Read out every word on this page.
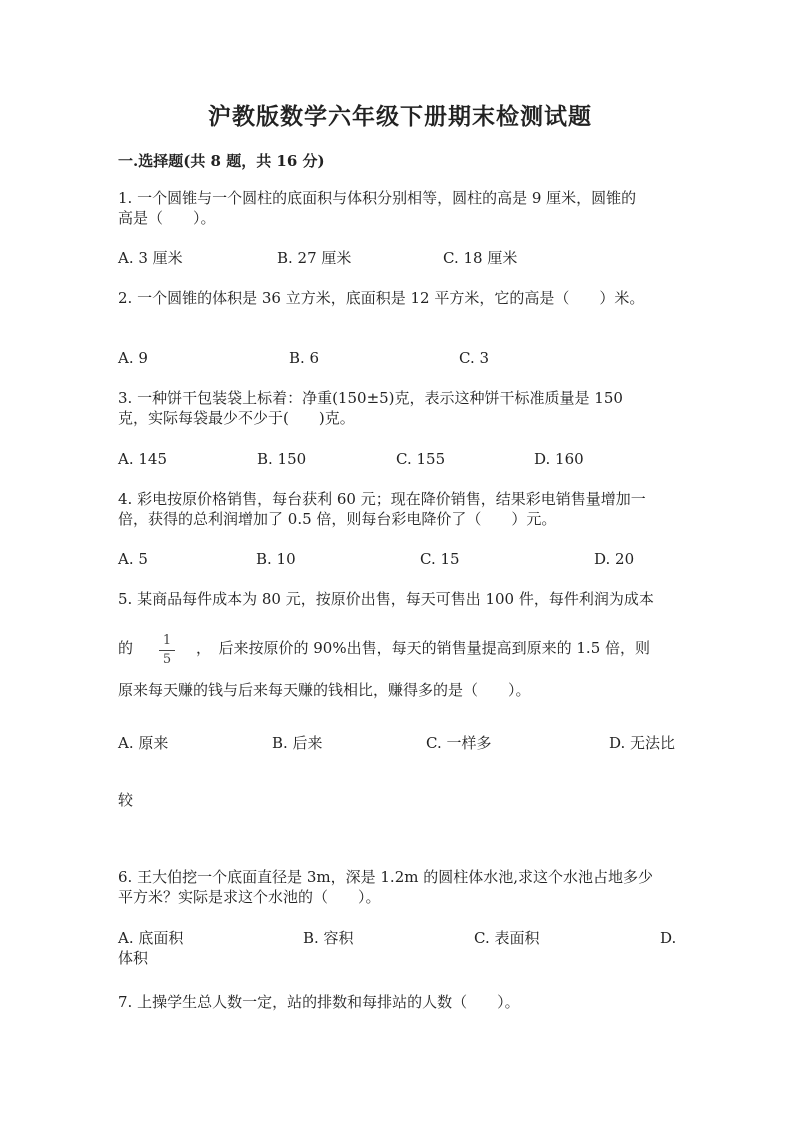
沪教版数学六年级下册期末检测试题
一.选择题(共 8 题，共 16 分)
1. 一个圆锥与一个圆柱的底面积与体积分别相等，圆柱的高是 9 厘米，圆锥的
高是（　　）。
A. 3 厘米	B. 27 厘米	C. 18 厘米
2. 一个圆锥的体积是 36 立方米，底面积是 12 平方米，它的高是（　　）米。
A. 9	B. 6	C. 3
3. 一种饼干包装袋上标着：净重(150±5)克，表示这种饼干标准质量是 150
克，实际每袋最少不少于(　　)克。
A. 145	B. 150	C. 155	D. 160
4. 彩电按原价格销售，每台获利 60 元；现在降价销售，结果彩电销售量增加一
倍，获得的总利润增加了 0.5 倍，则每台彩电降价了（　　）元。
A. 5	B. 10	C. 15	D. 20
5. 某商品每件成本为 80 元，按原价出售，每天可售出 100 件，每件利润为成本
的	1
5
，　后来按原价的 90%出售，每天的销售量提高到原来的 1.5 倍，则
原来每天赚的钱与后来每天赚的钱相比，赚得多的是（　　）。
A. 原来	B. 后来	C. 一样多	D. 无法比
较
6. 王大伯挖一个底面直径是 3m，深是 1.2m 的圆柱体水池,求这个水池占地多少
平方米？实际是求这个水池的（　　）。
A. 底面积	B. 容积	C. 表面积	D.
体积
7. 上操学生总人数一定，站的排数和每排站的人数（　　）。
